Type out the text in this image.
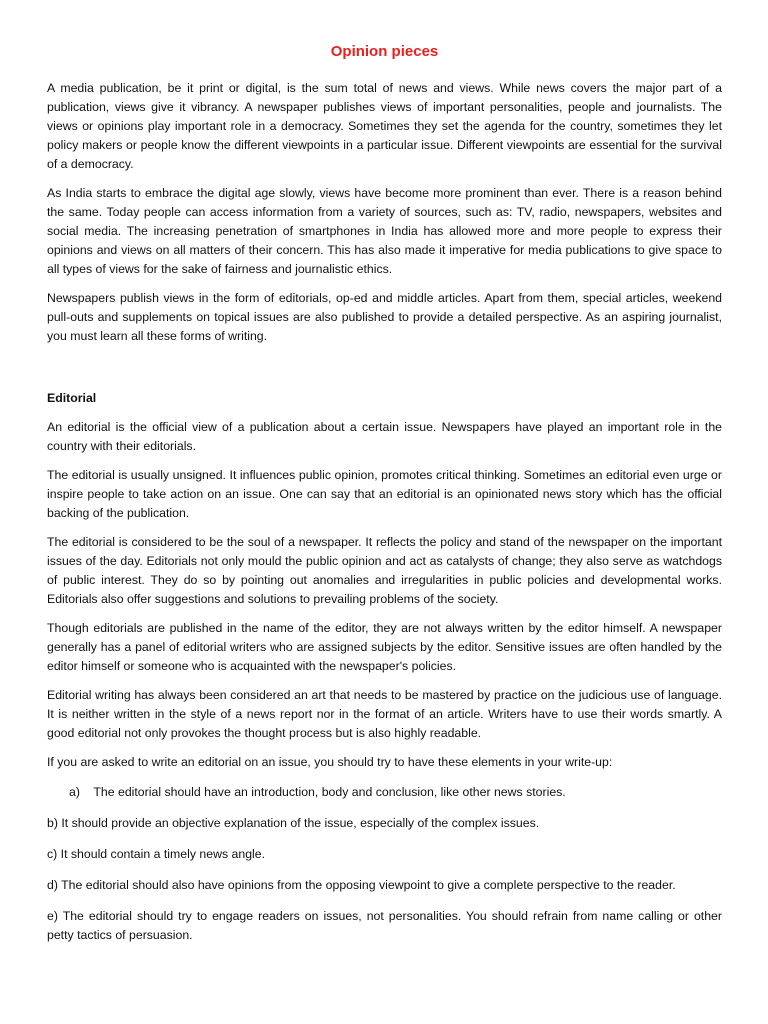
Opinion pieces

A media publication, be it print or digital, is the sum total of news and views. While news covers the major part of a publication, views give it vibrancy. A newspaper publishes views of important personalities, people and journalists. The views or opinions play important role in a democracy. Sometimes they set the agenda for the country, sometimes they let policy makers or people know the different viewpoints in a particular issue. Different viewpoints are essential for the survival of a democracy.

As India starts to embrace the digital age slowly, views have become more prominent than ever. There is a reason behind the same. Today people can access information from a variety of sources, such as: TV, radio, newspapers, websites and social media. The increasing penetration of smartphones in India has allowed more and more people to express their opinions and views on all matters of their concern. This has also made it imperative for media publications to give space to all types of views for the sake of fairness and journalistic ethics.

Newspapers publish views in the form of editorials, op-ed and middle articles. Apart from them, special articles, weekend pull-outs and supplements on topical issues are also published to provide a detailed perspective. As an aspiring journalist, you must learn all these forms of writing.

Editorial

An editorial is the official view of a publication about a certain issue. Newspapers have played an important role in the country with their editorials.

The editorial is usually unsigned. It influences public opinion, promotes critical thinking. Sometimes an editorial even urge or inspire people to take action on an issue. One can say that an editorial is an opinionated news story which has the official backing of the publication.

The editorial is considered to be the soul of a newspaper. It reflects the policy and stand of the newspaper on the important issues of the day. Editorials not only mould the public opinion and act as catalysts of change; they also serve as watchdogs of public interest. They do so by pointing out anomalies and irregularities in public policies and developmental works. Editorials also offer suggestions and solutions to prevailing problems of the society.

Though editorials are published in the name of the editor, they are not always written by the editor himself. A newspaper generally has a panel of editorial writers who are assigned subjects by the editor. Sensitive issues are often handled by the editor himself or someone who is acquainted with the newspaper's policies.

Editorial writing has always been considered an art that needs to be mastered by practice on the judicious use of language. It is neither written in the style of a news report nor in the format of an article. Writers have to use their words smartly. A good editorial not only provokes the thought process but is also highly readable.

If you are asked to write an editorial on an issue, you should try to have these elements in your write-up:

a)    The editorial should have an introduction, body and conclusion, like other news stories.

b) It should provide an objective explanation of the issue, especially of the complex issues.

c) It should contain a timely news angle.

d) The editorial should also have opinions from the opposing viewpoint to give a complete perspective to the reader.

e) The editorial should try to engage readers on issues, not personalities. You should refrain from name calling or other petty tactics of persuasion.
